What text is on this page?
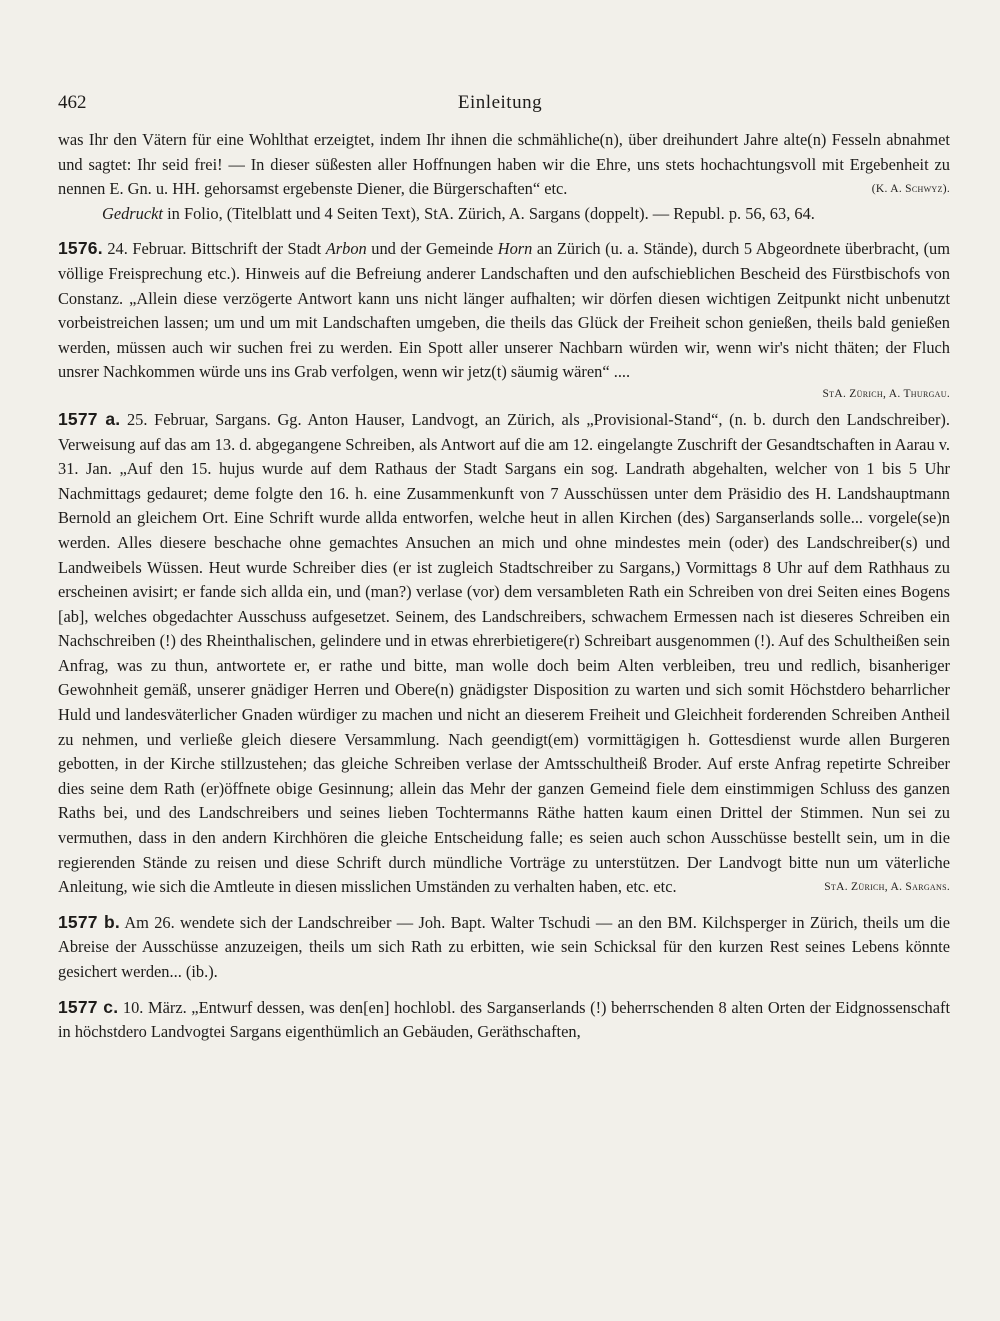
462	Einleitung

was Ihr den Vätern für eine Wohlthat erzeigtet, indem Ihr ihnen die schmähliche(n), über dreihundert Jahre alte(n) Fesseln abnahmet und sagtet: Ihr seid frei! — In dieser süßesten aller Hoffnungen haben wir die Ehre, uns stets hochachtungsvoll mit Ergebenheit zu nennen E. Gn. u. HH. gehorsamst ergebenste Diener, die Bürgerschaften“ etc.	(K. A. Schwyz).

Gedruckt in Folio, (Titelblatt und 4 Seiten Text), StA. Zürich, A. Sargans (doppelt). — Republ. p. 56, 63, 64.

1576. 24. Februar. Bittschrift der Stadt Arbon und der Gemeinde Horn an Zürich (u. a. Stände), durch 5 Abgeordnete überbracht, (um völlige Freisprechung etc.). Hinweis auf die Befreiung anderer Landschaften und den aufschieblichen Bescheid des Fürstbischofs von Constanz. „Allein diese verzögerte Antwort kann uns nicht länger aufhalten; wir dörfen diesen wichtigen Zeitpunkt nicht unbenutzt vorbeistreichen lassen; um und um mit Landschaften umgeben, die theils das Glück der Freiheit schon genießen, theils bald genießen werden, müssen auch wir suchen frei zu werden. Ein Spott aller unserer Nachbarn würden wir, wenn wir's nicht thäten; der Fluch unsrer Nachkommen würde uns ins Grab verfolgen, wenn wir jetz(t) säumig wären“ ....

StA. Zürich, A. Thurgau.

1577 a. 25. Februar, Sargans. Gg. Anton Hauser, Landvogt, an Zürich, als „Provisional-Stand“, (n. b. durch den Landschreiber). Verweisung auf das am 13. d. abgegangene Schreiben, als Antwort auf die am 12. eingelangte Zuschrift der Gesandtschaften in Aarau v. 31. Jan. „Auf den 15. hujus wurde auf dem Rathaus der Stadt Sargans ein sog. Landrath abgehalten, welcher von 1 bis 5 Uhr Nachmittags gedauret; deme folgte den 16. h. eine Zusammenkunft von 7 Ausschüssen unter dem Präsidio des H. Landshauptmann Bernold an gleichem Ort. Eine Schrift wurde allda entworfen, welche heut in allen Kirchen (des) Sarganserlands solle... vorgele(se)n werden. Alles diesere beschache ohne gemachtes Ansuchen an mich und ohne mindestes mein (oder) des Landschreiber(s) und Landweibels Wüssen. Heut wurde Schreiber dies (er ist zugleich Stadtschreiber zu Sargans,) Vormittags 8 Uhr auf dem Rathhaus zu erscheinen avisirt; er fande sich allda ein, und (man?) verlase (vor) dem versambleten Rath ein Schreiben von drei Seiten eines Bogens [ab], welches obgedachter Ausschuss aufgesetzet. Seinem, des Landschreibers, schwachem Ermessen nach ist dieseres Schreiben ein Nachschreiben (!) des Rheinthalischen, gelindere und in etwas ehrerbietigere(r) Schreibart ausgenommen (!). Auf des Schultheißen sein Anfrag, was zu thun, antwortete er, er rathe und bitte, man wolle doch beim Alten verbleiben, treu und redlich, bisanheriger Gewohnheit gemäß, unserer gnädiger Herren und Obere(n) gnädigster Disposition zu warten und sich somit Höchstdero beharrlicher Huld und landesväterlicher Gnaden würdiger zu machen und nicht an dieserem Freiheit und Gleichheit forderenden Schreiben Antheil zu nehmen, und verließe gleich diesere Versammlung. Nach geendigt(em) vormittägigen h. Gottesdienst wurde allen Burgeren gebotten, in der Kirche stillzustehen; das gleiche Schreiben verlase der Amtsschultheiß Broder. Auf erste Anfrag repetirte Schreiber dies seine dem Rath (er)öffnete obige Gesinnung; allein das Mehr der ganzen Gemeind fiele dem einstimmigen Schluss des ganzen Raths bei, und des Landschreibers und seines lieben Tochtermanns Räthe hatten kaum einen Drittel der Stimmen. Nun sei zu vermuthen, dass in den andern Kirchhören die gleiche Entscheidung falle; es seien auch schon Ausschüsse bestellt sein, um in die regierenden Stände zu reisen und diese Schrift durch mündliche Vorträge zu unterstützen. Der Landvogt bitte nun um väterliche Anleitung, wie sich die Amtleute in diesen misslichen Umständen zu verhalten haben, etc. etc.	StA. Zürich, A. Sargans.

1577 b. Am 26. wendete sich der Landschreiber — Joh. Bapt. Walter Tschudi — an den BM. Kilchsperger in Zürich, theils um die Abreise der Ausschüsse anzuzeigen, theils um sich Rath zu erbitten, wie sein Schicksal für den kurzen Rest seines Lebens könnte gesichert werden... (ib.).

1577 c. 10. März. „Entwurf dessen, was den[en] hochlobl. des Sarganserlands (!) beherrschenden 8 alten Orten der Eidgnossenschaft in höchstdero Landvogtei Sargans eigenthümlich an Gebäuden, Geräthschaften,
